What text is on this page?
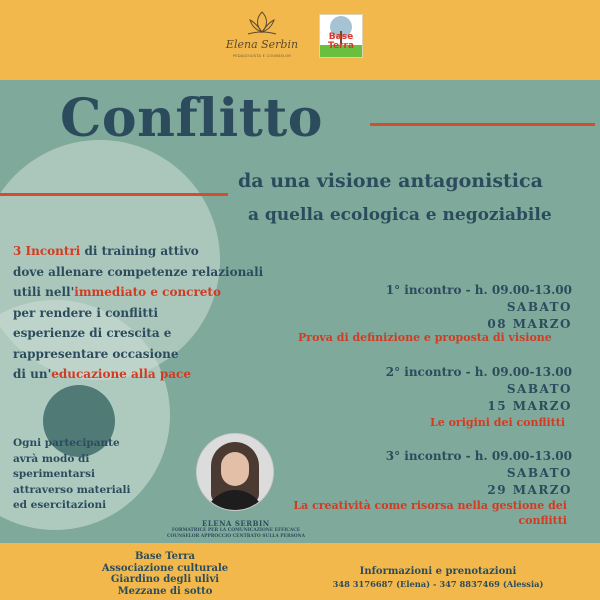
Elena Serbin
PEDAGOGISTA E COUNSELOR
Base Terra
Conflitto
da una visione antagonistica
a quella ecologica e negoziabile
3 Incontri di training attivo
dove allenare competenze relazionali
utili nell'immediato e concreto
per rendere i conflitti
esperienze di crescita e
rappresentare occasione
di un'educazione alla pace
Ogni partecipante
avrà modo di
sperimentarsi
attraverso materiali
ed esercitazioni
1° incontro - h. 09.00-13.00
SABATO
08 MARZO
Prova di definizione e proposta di visione
2° incontro - h. 09.00-13.00
SABATO
15 MARZO
Le origini dei conflitti
3° incontro - h. 09.00-13.00
SABATO
29 MARZO
La creatività come risorsa nella gestione dei conflitti
ELENA SERBIN
FORMATRICE PER LA COMUNICAZIONE EFFICACE
COUNSELOR APPROCCIO CENTRATO SULLA PERSONA
Base Terra
Associazione culturale
Giardino degli ulivi
Mezzane di sotto
Informazioni e prenotazioni
348 3176687 (Elena) - 347 8837469 (Alessia)
